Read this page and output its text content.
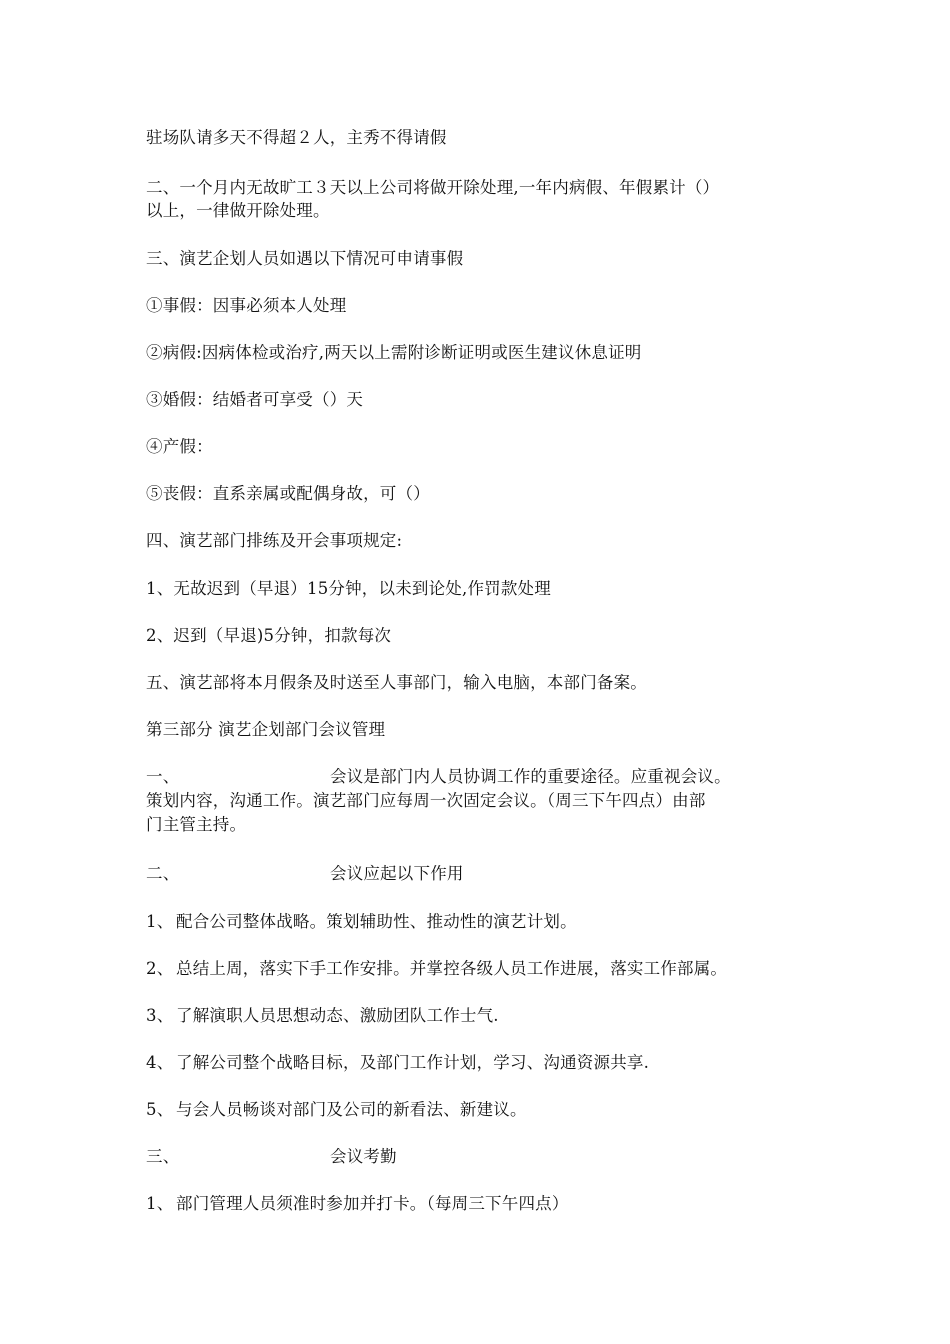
驻场队请多天不得超２人，主秀不得请假
二、一个月内无故旷工３天以上公司将做开除处理,一年内病假、年假累计（）
以上，一律做开除处理。
三、演艺企划人员如遇以下情况可申请事假
①事假：因事必须本人处理
②病假:因病体检或治疗,两天以上需附诊断证明或医生建议休息证明
③婚假：结婚者可享受（）天
④产假：
⑤丧假：直系亲属或配偶身故，可（）
四、演艺部门排练及开会事项规定:
1、无故迟到（早退）15分钟，以未到论处,作罚款处理
2、迟到（早退)5分钟，扣款每次
五、演艺部将本月假条及时送至人事部门，输入电脑，本部门备案。
第三部分 演艺企划部门会议管理
一、	会议是部门内人员协调工作的重要途径。应重视会议。
策划内容，沟通工作。演艺部门应每周一次固定会议。（周三下午四点）由部
门主管主持。
二、	会议应起以下作用
1、 配合公司整体战略。策划辅助性、推动性的演艺计划。
2、 总结上周，落实下手工作安排。并掌控各级人员工作进展，落实工作部属。
3、 了解演职人员思想动态、激励团队工作士气.
4、 了解公司整个战略目标，及部门工作计划，学习、沟通资源共享.
5、 与会人员畅谈对部门及公司的新看法、新建议。
三、	会议考勤
1、 部门管理人员须准时参加并打卡。（每周三下午四点）
